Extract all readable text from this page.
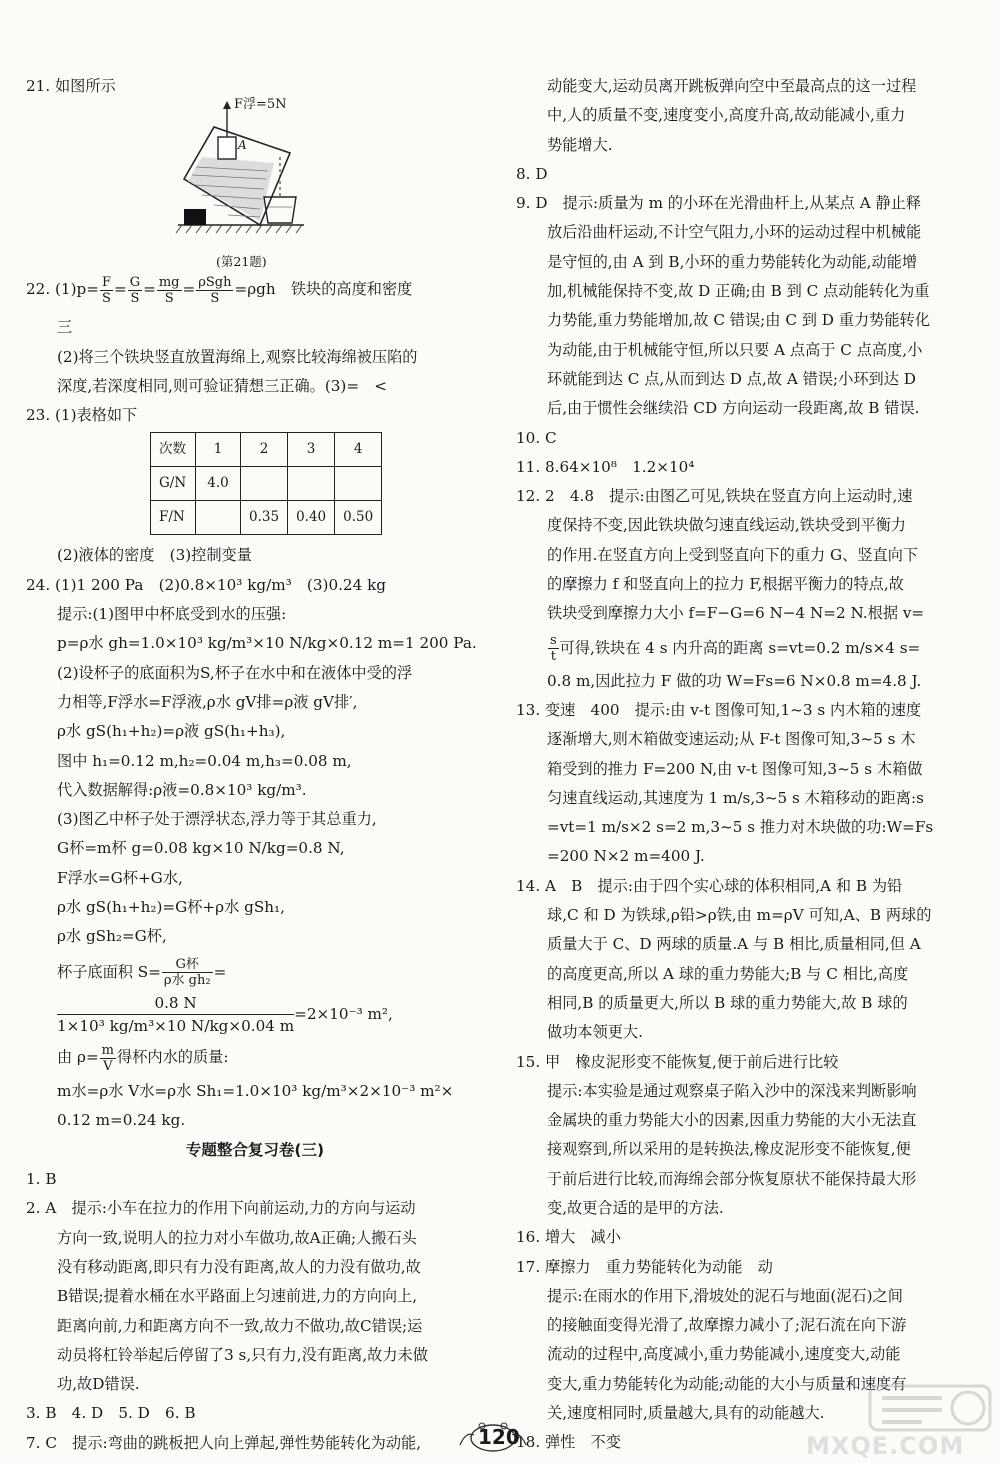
21. 如图所示
F浮=5N
A
(第21题)
22. $(1)p= \frac{F}{S} = \frac{G}{S} = \frac{mg}{S} = \frac{\text{ρSgh}}{S} =\rho gh$　铁块的高度和密度
三
(2)将三个铁块竖直放置海绵上,观察比较海绵被压陷的
深度,若深度相同,则可验证猜想三正确。(3)=　<
23. (1)表格如下
次数	1	2	3	4
G/N	4.0			
F/N		0.35	0.40	0.50
(2)液体的密度　(3)控制变量
24. (1)1 200 Pa　(2)0.8×10³ kg/m³　(3)0.24 kg
提示:(1)图甲中杯底受到水的压强:
p=ρ水 gh=1.0×10³ kg/m³×10 N/kg×0.12 m=1 200 Pa.
(2)设杯子的底面积为S,杯子在水中和在液体中受的浮
力相等,F浮水=F浮液,ρ水 gV排=ρ液 gV排′,
ρ水 gS(h₁+h₂)=ρ液 gS(h₁+h₃),
图中 h₁=0.12 m,h₂=0.04 m,h₃=0.08 m,
代入数据解得:ρ液=0.8×10³ kg/m³.
(3)图乙中杯子处于漂浮状态,浮力等于其总重力,
G杯=m杯 g=0.08 kg×10 N/kg=0.8 N,
F浮水=G杯+G水,
ρ水 gS(h₁+h₂)=G杯+ρ水 gSh₁,
ρ水 gSh₂=G杯,
杯子底面积 $S= \frac{\text{G杯}}{\text{ρ水 gh₂}}$ =
$\frac{0.8 N}{\text{1×10³ kg/m³×10 N/kg×0.04 m}} =2\times 10^{-3}$ m²,
由 $\rho= \frac{m}{V}$ 得杯内水的质量:
m水=ρ水 V水=ρ水 Sh₁=1.0×10³ kg/m³×2×10⁻³ m²×
0.12 m=0.24 kg.
专题整合复习卷(三)
1. B
2. A　提示:小车在拉力的作用下向前运动,力的方向与运动
方向一致,说明人的拉力对小车做功,故A正确;人搬石头
没有移动距离,即只有力没有距离,故人的力没有做功,故
B错误;提着水桶在水平路面上匀速前进,力的方向向上,
距离向前,力和距离方向不一致,故力不做功,故C错误;运
动员将杠铃举起后停留了3 s,只有力,没有距离,故力未做
功,故D错误.
3. B　4. D　5. D　6. B
7. C　提示:弯曲的跳板把人向上弹起,弹性势能转化为动能,
动能变大,运动员离开跳板弹向空中至最高点的这一过程
中,人的质量不变,速度变小,高度升高,故动能减小,重力
势能增大.
8. D
9. D　提示:质量为 m 的小环在光滑曲杆上,从某点 A 静止释
放后沿曲杆运动,不计空气阻力,小环的运动过程中机械能
是守恒的,由 A 到 B,小环的重力势能转化为动能,动能增
加,机械能保持不变,故 D 正确;由 B 到 C 点动能转化为重
力势能,重力势能增加,故 C 错误;由 C 到 D 重力势能转化
为动能,由于机械能守恒,所以只要 A 点高于 C 点高度,小
环就能到达 C 点,从而到达 D 点,故 A 错误;小环到达 D
后,由于惯性会继续沿 CD 方向运动一段距离,故 B 错误.
10. C
11. 8.64×10⁸　1.2×10⁴
12. 2　4.8　提示:由图乙可见,铁块在竖直方向上运动时,速
度保持不变,因此铁块做匀速直线运动,铁块受到平衡力
的作用.在竖直方向上受到竖直向下的重力 G、竖直向下
的摩擦力 f 和竖直向上的拉力 F,根据平衡力的特点,故
铁块受到摩擦力大小 f=F−G=6 N−4 N=2 N.根据 v=
$\frac{s}{t}$ 可得,铁块在 4 s 内升高的距离 s=vt=0.2 m/s×4 s=
0.8 m,因此拉力 F 做的功 W=Fs=6 N×0.8 m=4.8 J.
13. 变速　400　提示:由 v-t 图像可知,1~3 s 内木箱的速度
逐渐增大,则木箱做变速运动;从 F-t 图像可知,3~5 s 木
箱受到的推力 F=200 N,由 v-t 图像可知,3~5 s 木箱做
匀速直线运动,其速度为 1 m/s,3~5 s 木箱移动的距离:s
=vt=1 m/s×2 s=2 m,3~5 s 推力对木块做的功:W=Fs
=200 N×2 m=400 J.
14. A　B　提示:由于四个实心球的体积相同,A 和 B 为铅
球,C 和 D 为铁球,ρ铅>ρ铁,由 m=ρV 可知,A、B 两球的
质量大于 C、D 两球的质量.A 与 B 相比,质量相同,但 A
的高度更高,所以 A 球的重力势能大;B 与 C 相比,高度
相同,B 的质量更大,所以 B 球的重力势能大,故 B 球的
做功本领更大.
15. 甲　橡皮泥形变不能恢复,便于前后进行比较
提示:本实验是通过观察桌子陷入沙中的深浅来判断影响
金属块的重力势能大小的因素,因重力势能的大小无法直
接观察到,所以采用的是转换法,橡皮泥形变不能恢复,便
于前后进行比较,而海绵会部分恢复原状不能保持最大形
变,故更合适的是甲的方法.
16. 增大　减小
17. 摩擦力　重力势能转化为动能　动
提示:在雨水的作用下,滑坡处的泥石与地面(泥石)之间
的接触面变得光滑了,故摩擦力减小了;泥石流在向下游
流动的过程中,高度减小,重力势能减小,速度变大,动能
变大,重力势能转化为动能;动能的大小与质量和速度有
关,速度相同时,质量越大,具有的动能越大.
18. 弹性　不变
120	MXQE.COM
